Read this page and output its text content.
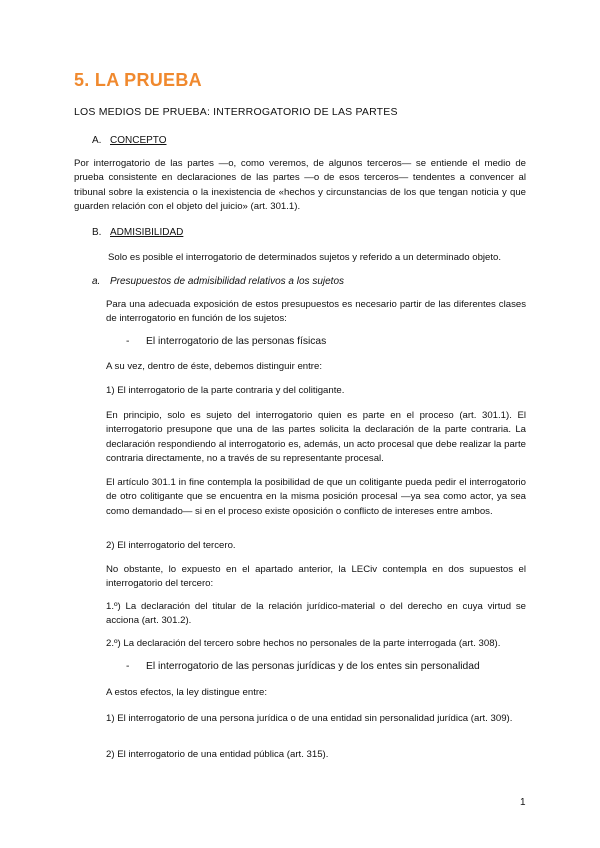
5. LA PRUEBA

LOS MEDIOS DE PRUEBA: INTERROGATORIO DE LAS PARTES

A. CONCEPTO

Por interrogatorio de las partes —o, como veremos, de algunos terceros— se entiende el medio de prueba consistente en declaraciones de las partes —o de esos terceros— tendentes a convencer al tribunal sobre la existencia o la inexistencia de «hechos y circunstancias de los que tengan noticia y que guarden relación con el objeto del juicio» (art. 301.1).

B. ADMISIBILIDAD

Solo es posible el interrogatorio de determinados sujetos y referido a un determinado objeto.

a. Presupuestos de admisibilidad relativos a los sujetos

Para una adecuada exposición de estos presupuestos es necesario partir de las diferentes clases de interrogatorio en función de los sujetos:

- El interrogatorio de las personas físicas

A su vez, dentro de éste, debemos distinguir entre:

1) El interrogatorio de la parte contraria y del colitigante.

En principio, solo es sujeto del interrogatorio quien es parte en el proceso (art. 301.1). El interrogatorio presupone que una de las partes solicita la declaración de la parte contraria. La declaración respondiendo al interrogatorio es, además, un acto procesal que debe realizar la parte contraria directamente, no a través de su representante procesal.

El artículo 301.1 in fine contempla la posibilidad de que un colitigante pueda pedir el interrogatorio de otro colitigante que se encuentra en la misma posición procesal —ya sea como actor, ya sea como demandado— si en el proceso existe oposición o conflicto de intereses entre ambos.

2) El interrogatorio del tercero.

No obstante, lo expuesto en el apartado anterior, la LECiv contempla en dos supuestos el interrogatorio del tercero:

1.º) La declaración del titular de la relación jurídico-material o del derecho en cuya virtud se acciona (art. 301.2).

2.º) La declaración del tercero sobre hechos no personales de la parte interrogada (art. 308).

- El interrogatorio de las personas jurídicas y de los entes sin personalidad

A estos efectos, la ley distingue entre:

1) El interrogatorio de una persona jurídica o de una entidad sin personalidad jurídica (art. 309).

2) El interrogatorio de una entidad pública (art. 315).

1
